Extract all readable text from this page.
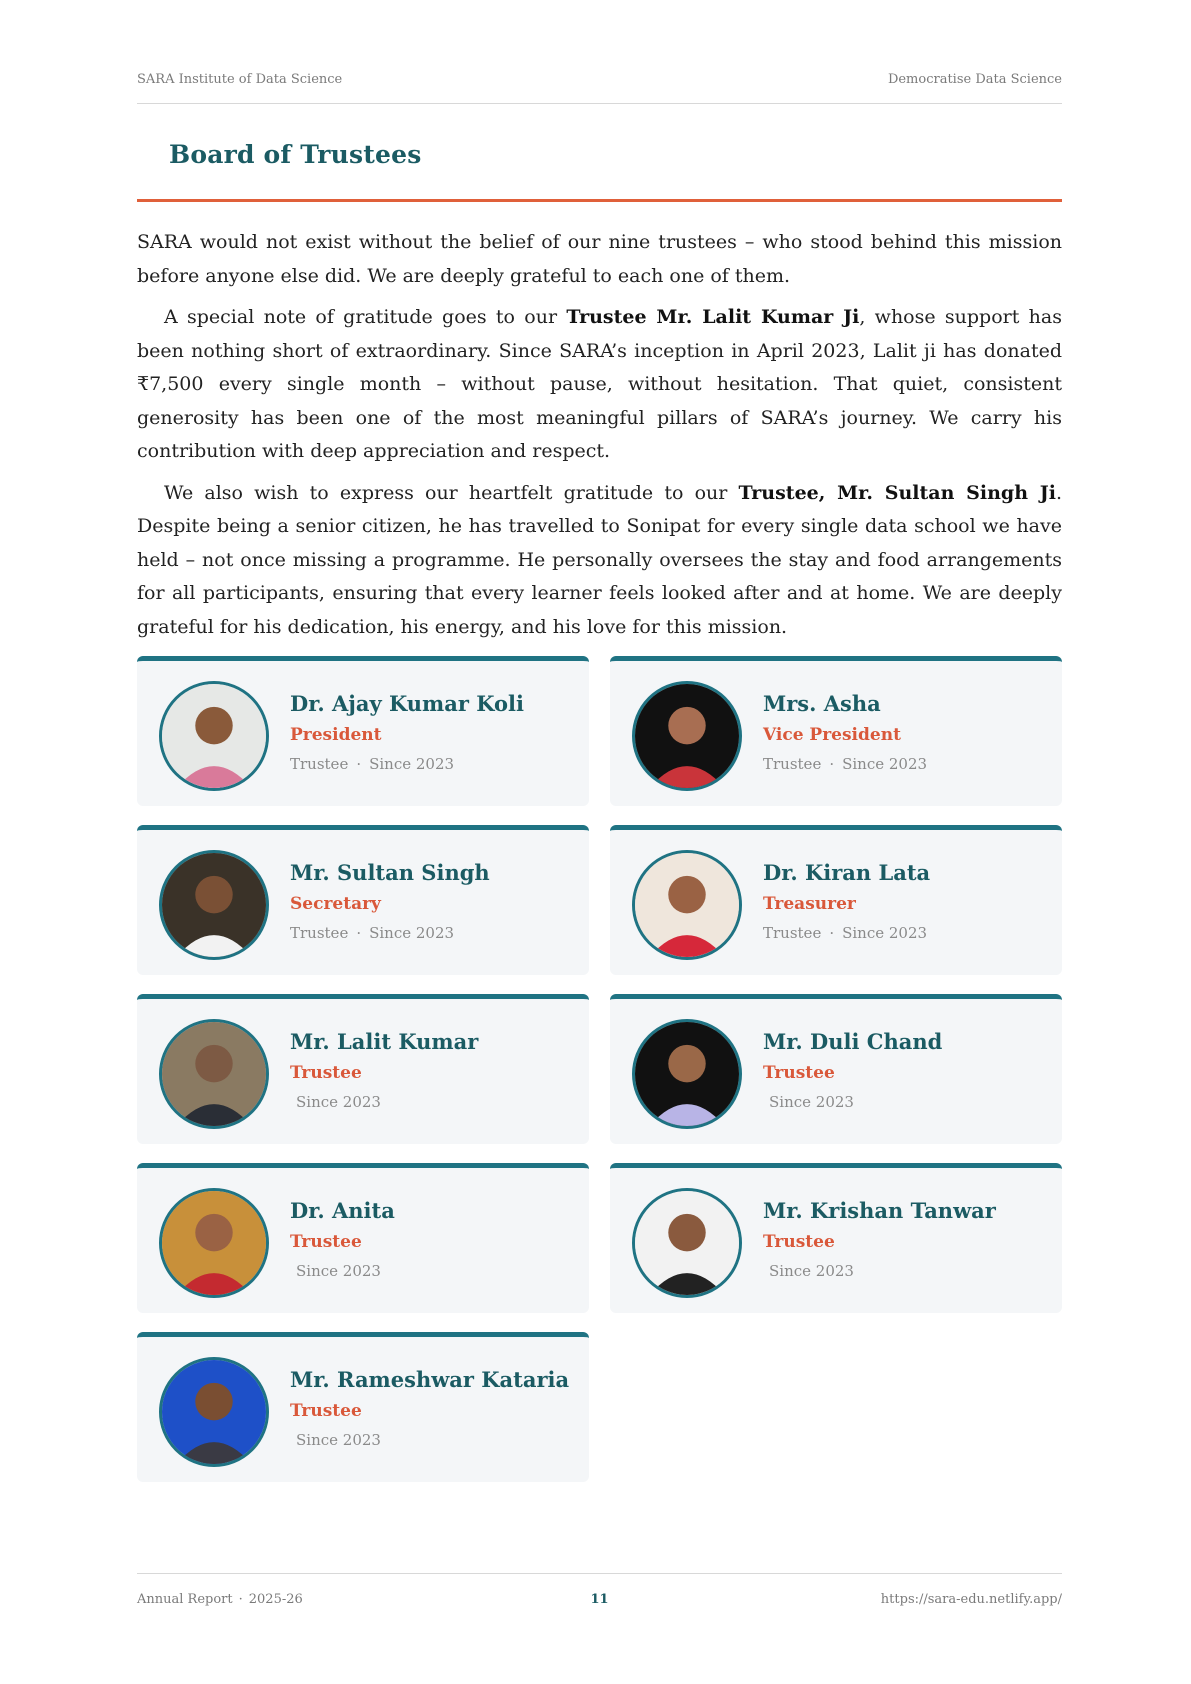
SARA Institute of Data Science	Democratise Data Science
Board of Trustees

SARA would not exist without the belief of our nine trustees – who stood behind this mission before anyone else did. We are deeply grateful to each one of them.

A special note of gratitude goes to our Trustee Mr. Lalit Kumar Ji, whose support has been nothing short of extraordinary. Since SARA’s inception in April 2023, Lalit ji has donated ₹7,500 every single month – without pause, without hesitation. That quiet, consistent generosity has been one of the most meaningful pillars of SARA’s journey. We carry his contribution with deep appreciation and respect.

We also wish to express our heartfelt gratitude to our Trustee, Mr. Sultan Singh Ji. Despite being a senior citizen, he has travelled to Sonipat for every single data school we have held – not once missing a programme. He personally oversees the stay and food arrangements for all participants, ensuring that every learner feels looked after and at home. We are deeply grateful for his dedication, his energy, and his love for this mission.

Dr. Ajay Kumar Koli
President
Trustee · Since 2023
Mrs. Asha
Vice President
Trustee · Since 2023
Mr. Sultan Singh
Secretary
Trustee · Since 2023
Dr. Kiran Lata
Treasurer
Trustee · Since 2023
Mr. Lalit Kumar
Trustee
Since 2023
Mr. Duli Chand
Trustee
Since 2023
Dr. Anita
Trustee
Since 2023
Mr. Krishan Tanwar
Trustee
Since 2023
Mr. Rameshwar Kataria
Trustee
Since 2023
Annual Report · 2025-26	11	https://sara-edu.netlify.app/
